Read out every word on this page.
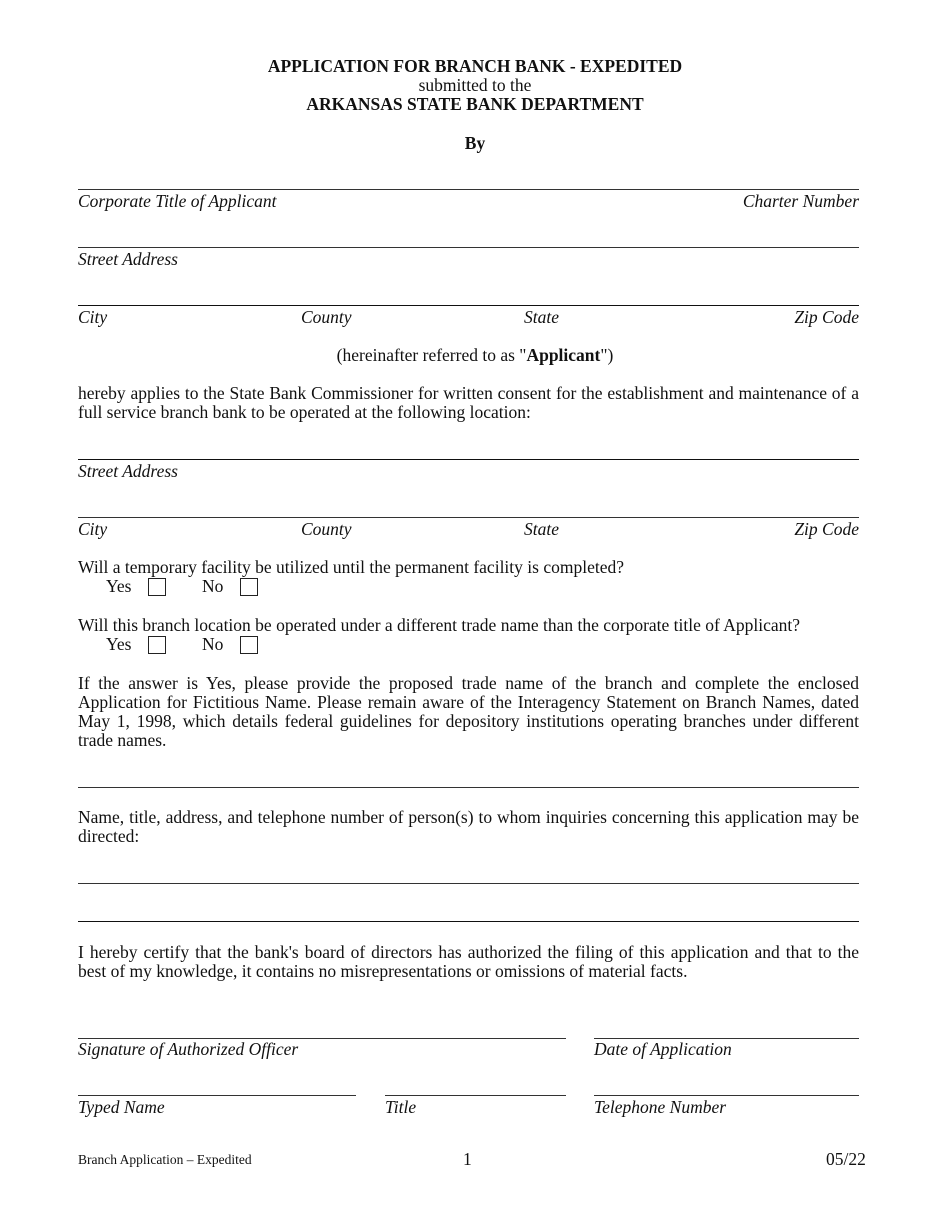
APPLICATION FOR BRANCH BANK - EXPEDITED
submitted to the
ARKANSAS STATE BANK DEPARTMENT
By
Corporate Title of Applicant	Charter Number
Street Address
City	County	State	Zip Code
(hereinafter referred to as "Applicant")
hereby applies to the State Bank Commissioner for written consent for the establishment and maintenance of a full service branch bank to be operated at the following location:
Street Address
City	County	State	Zip Code
Will a temporary facility be utilized until the permanent facility is completed?
Yes	No
Will this branch location be operated under a different trade name than the corporate title of Applicant?
Yes	No
If the answer is Yes, please provide the proposed trade name of the branch and complete the enclosed Application for Fictitious Name. Please remain aware of the Interagency Statement on Branch Names, dated May 1, 1998, which details federal guidelines for depository institutions operating branches under different trade names.
Name, title, address, and telephone number of person(s) to whom inquiries concerning this application may be directed:
I hereby certify that the bank's board of directors has authorized the filing of this application and that to the best of my knowledge, it contains no misrepresentations or omissions of material facts.
Signature of Authorized Officer	Date of Application
Typed Name	Title	Telephone Number
Branch Application – Expedited	1	05/22
